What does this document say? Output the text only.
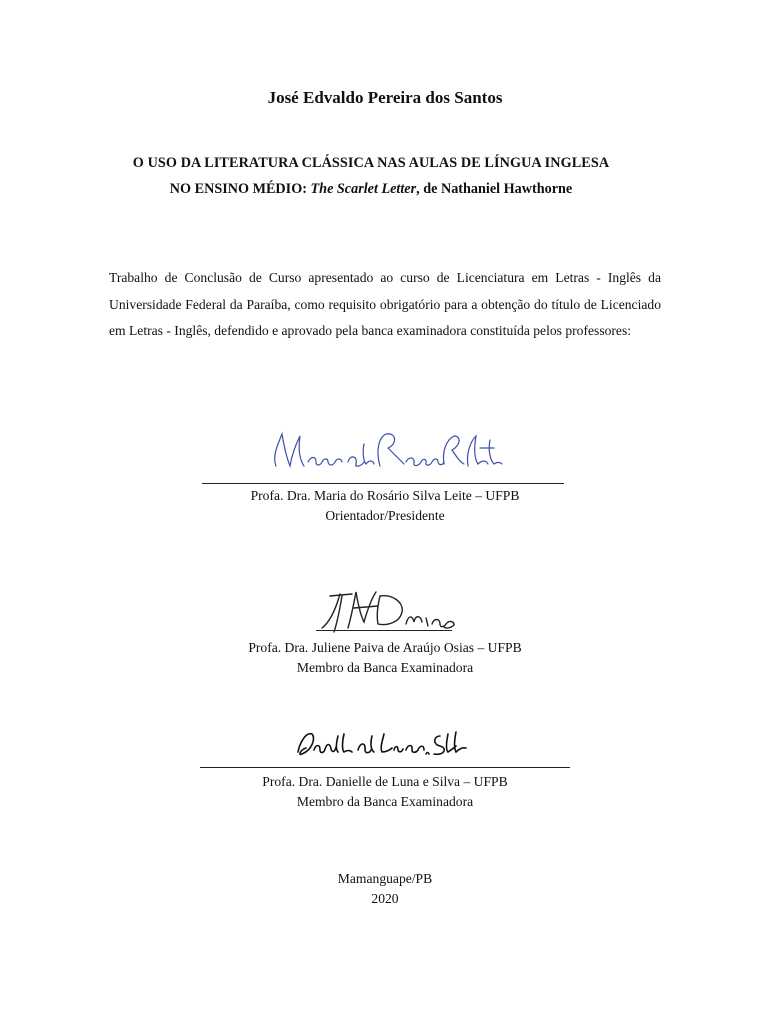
José Edvaldo Pereira dos Santos
O USO DA LITERATURA CLÁSSICA NAS AULAS DE LÍNGUA INGLESA
NO ENSINO MÉDIO: The Scarlet Letter, de Nathaniel Hawthorne
Trabalho de Conclusão de Curso apresentado ao curso de Licenciatura em Letras - Inglês da Universidade Federal da Paraíba, como requisito obrigatório para a obtenção do título de Licenciado em Letras - Inglês, defendido e aprovado pela banca examinadora constituída pelos professores:
Profa. Dra. Maria do Rosário Silva Leite – UFPB
Orientador/Presidente
Profa. Dra. Juliene Paiva de Araújo Osias – UFPB
Membro da Banca Examinadora
Profa. Dra. Danielle de Luna e Silva – UFPB
Membro da Banca Examinadora
Mamanguape/PB
2020
